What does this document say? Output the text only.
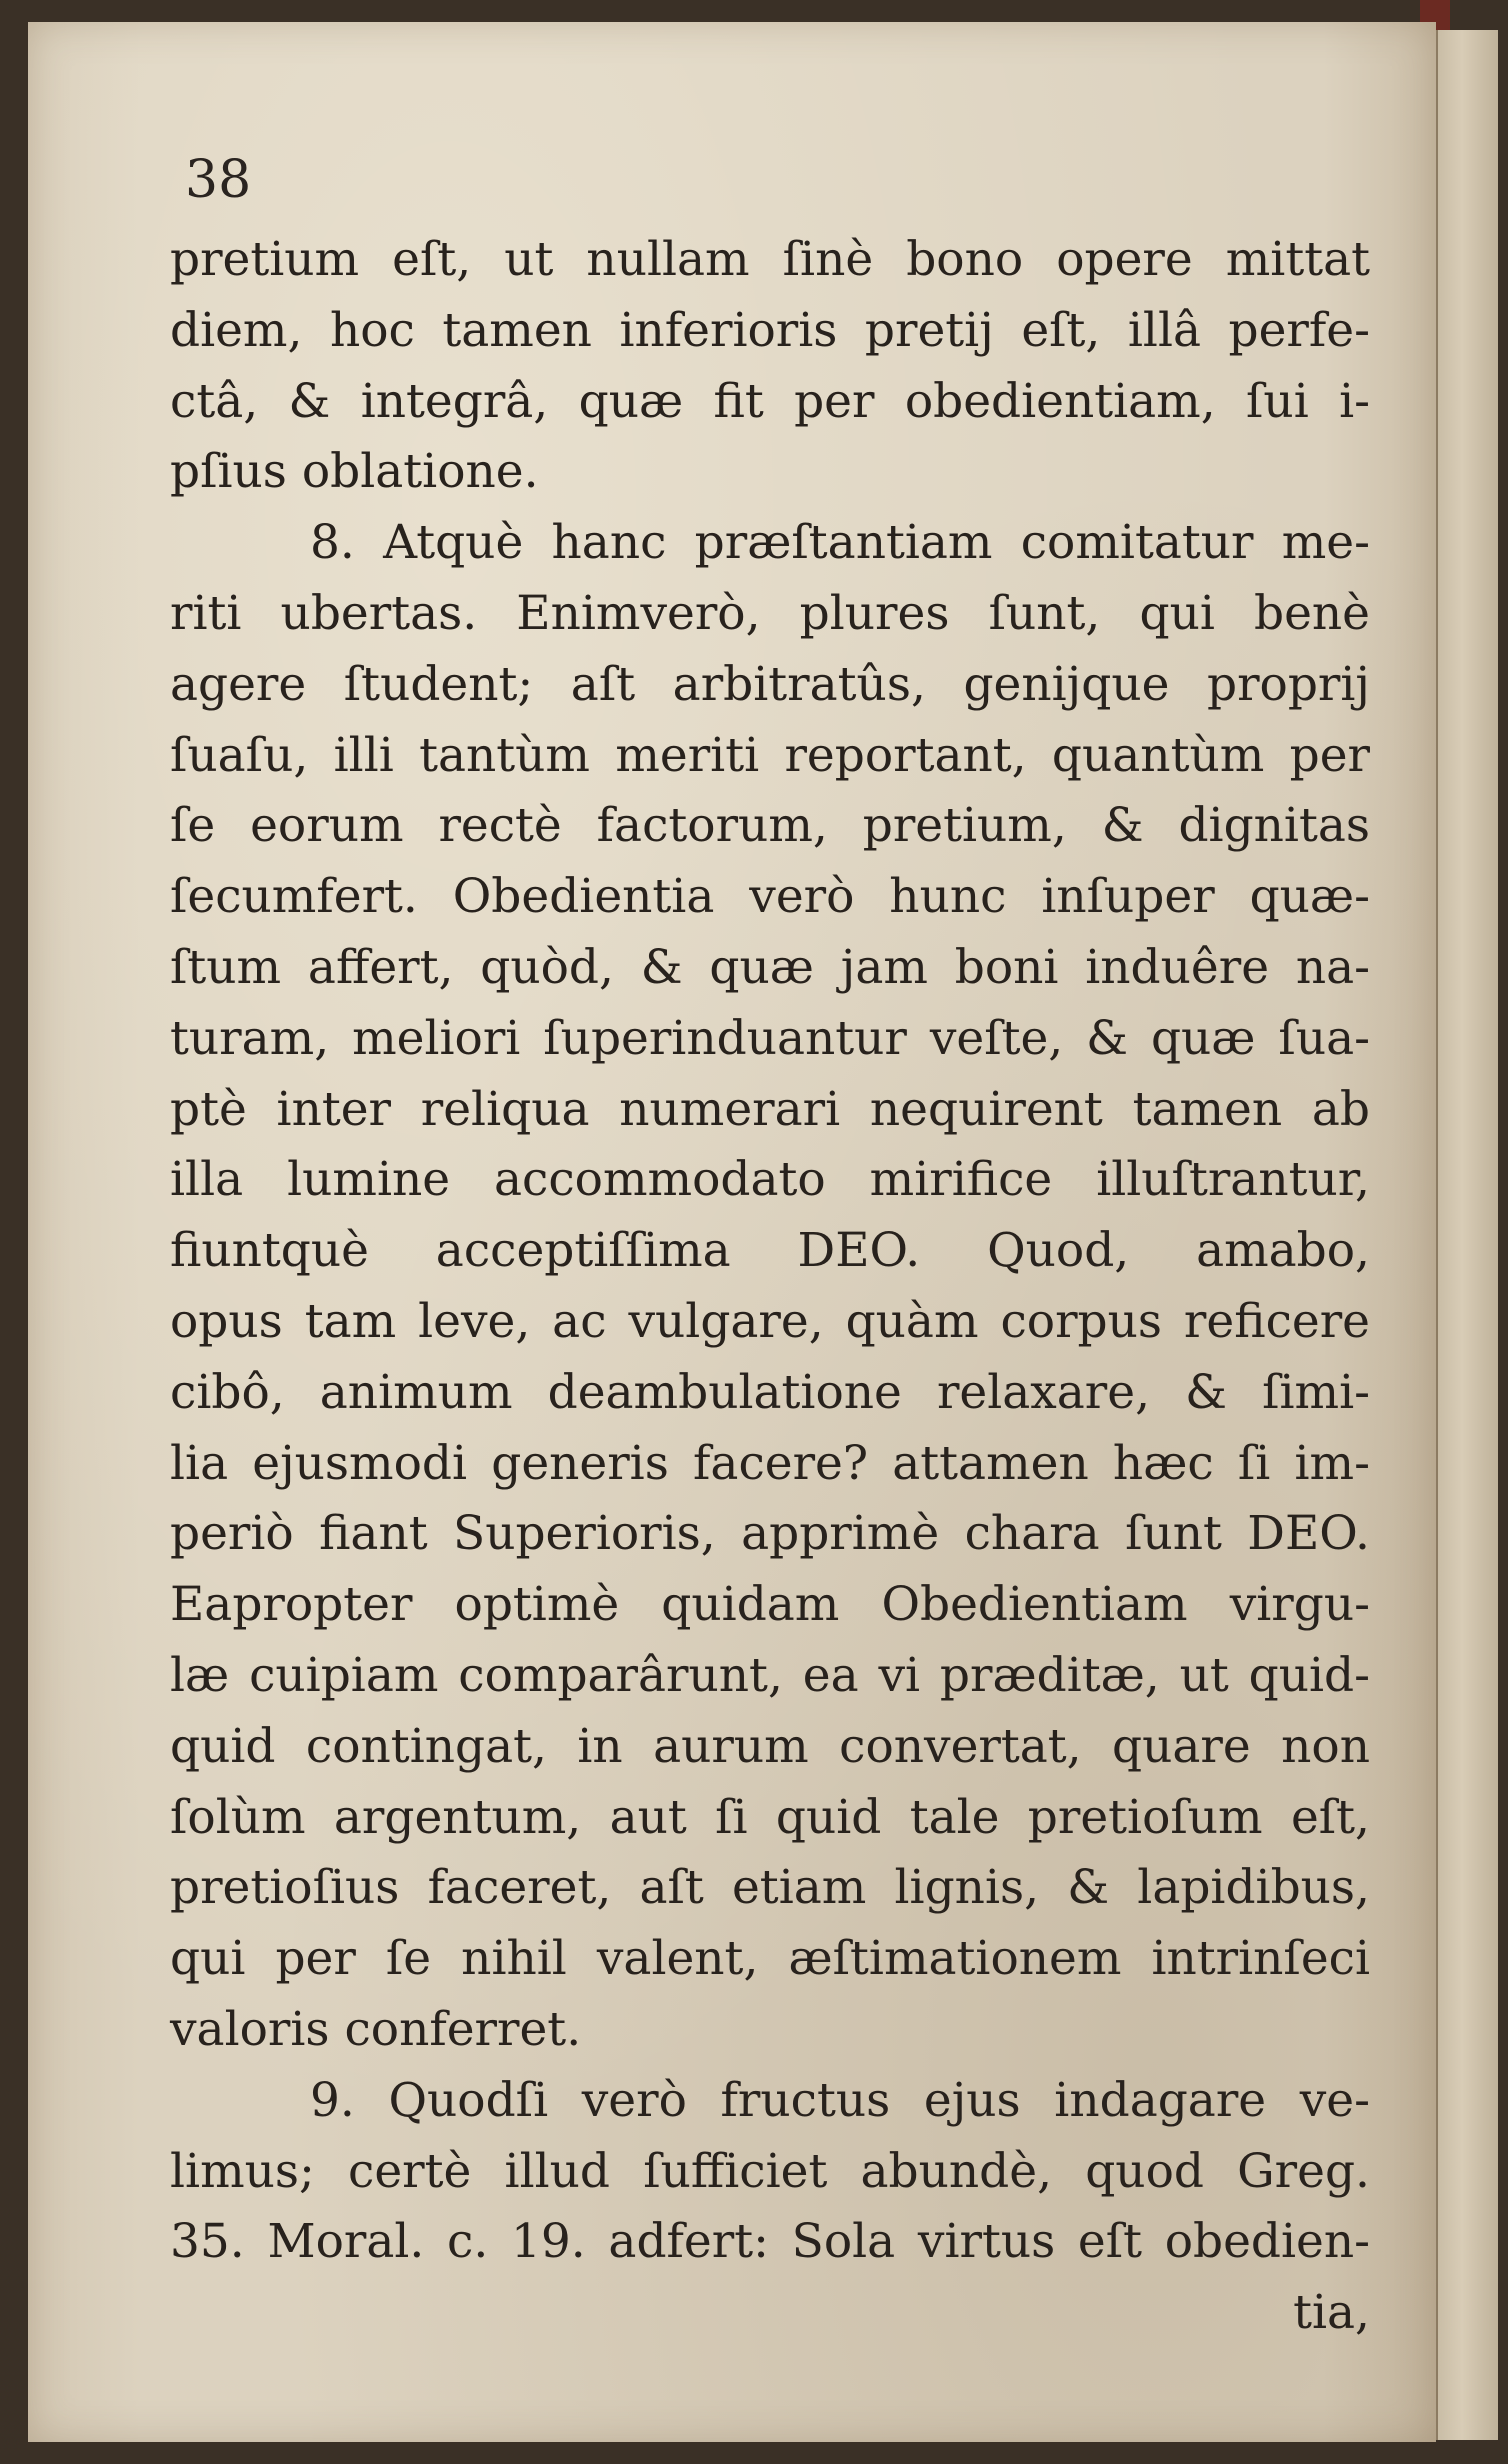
38
pretium eſt, ut nullam ſinè bono opere mittat
diem, hoc tamen inferioris pretij eſt, illâ perfe-
ctâ, & integrâ, quæ fit per obedientiam, ſui i-
pſius oblatione.
8. Atquè hanc præſtantiam comitatur me-
riti ubertas. Enimverò, plures ſunt, qui benè
agere ſtudent; aſt arbitratûs, genijque proprij
ſuaſu, illi tantùm meriti reportant, quantùm per
ſe eorum rectè factorum, pretium, & dignitas
ſecumfert. Obedientia verò hunc inſuper quæ-
ſtum affert, quòd, & quæ jam boni induêre na-
turam, meliori ſuperinduantur veſte, & quæ ſua-
ptè inter reliqua numerari nequirent tamen ab
illa lumine accommodato mirifice illuſtrantur,
fiuntquè acceptiſſima DEO. Quod, amabo,
opus tam leve, ac vulgare, quàm corpus reficere
cibô, animum deambulatione relaxare, & ſimi-
lia ejusmodi generis facere? attamen hæc ſi im-
periò fiant Superioris, apprimè chara ſunt DEO.
Eapropter optimè quidam Obedientiam virgu-
læ cuipiam comparârunt, ea vi præditæ, ut quid-
quid contingat, in aurum convertat, quare non
ſolùm argentum, aut ſi quid tale pretioſum eſt,
pretioſius faceret, aſt etiam lignis, & lapidibus,
qui per ſe nihil valent, æſtimationem intrinſeci
valoris conferret.
9. Quodſi verò fructus ejus indagare ve-
limus; certè illud ſufficiet abundè, quod Greg.
35. Moral. c. 19. adfert: Sola virtus eſt obedien-
tia,
